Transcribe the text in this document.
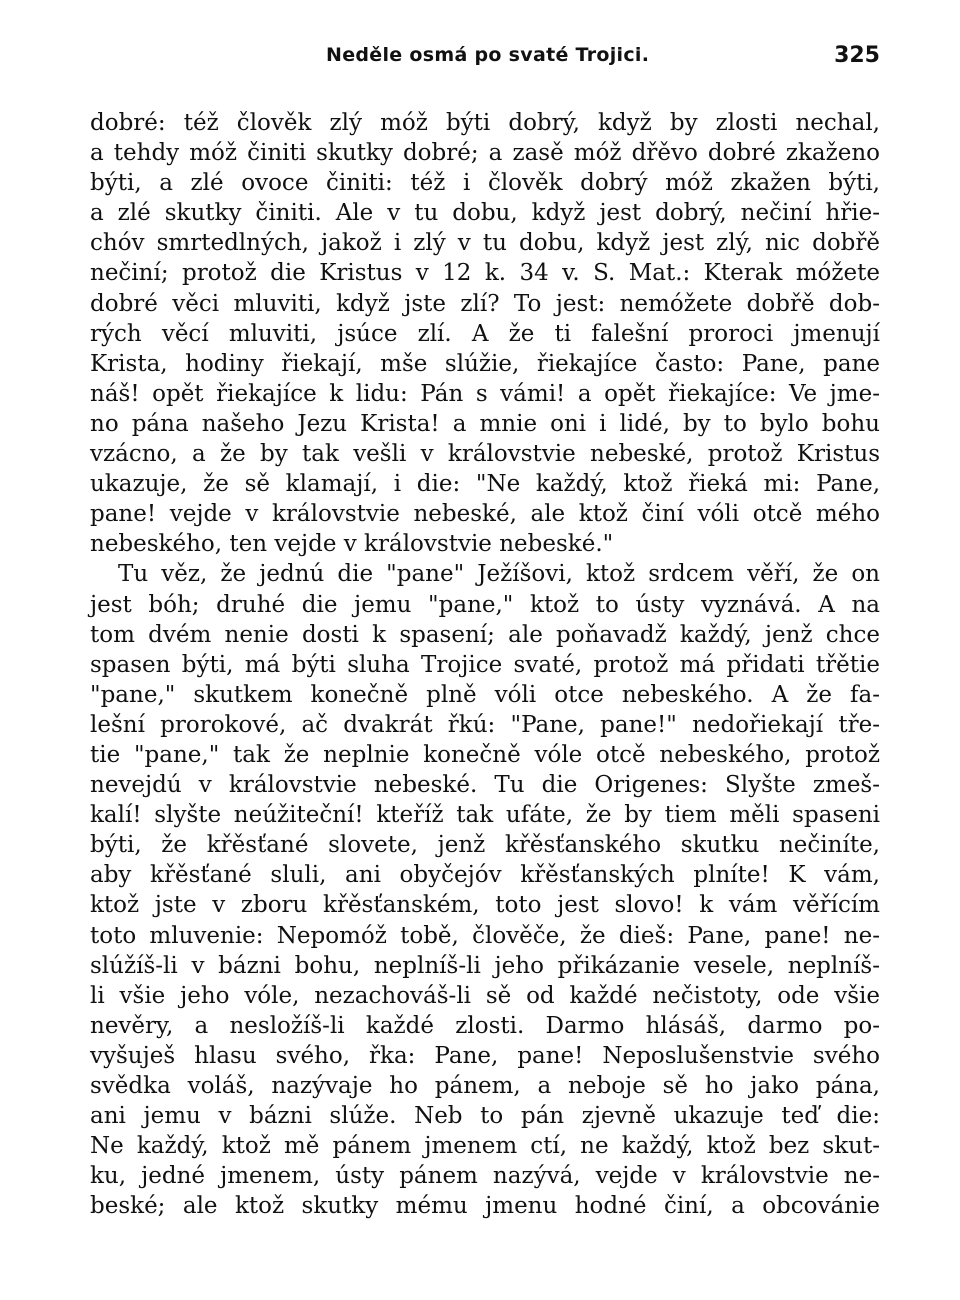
Neděle osmá po svaté Trojici.	325
dobré: též člověk zlý móž býti dobrý, když by zlosti nechal,
a tehdy móž činiti skutky dobré; a zasě móž dřěvo dobré zkaženo
býti, a zlé ovoce činiti: též i člověk dobrý móž zkažen býti,
a zlé skutky činiti. Ale v tu dobu, když jest dobrý, nečiní hřie-
chóv smrtedlných, jakož i zlý v tu dobu, když jest zlý, nic dobřě
nečiní; protož die Kristus v 12 k. 34 v. S. Mat.: Kterak móžete
dobré věci mluviti, když jste zlí? To jest: nemóžete dobřě dob-
rých věcí mluviti, jsúce zlí. A že ti falešní proroci jmenují
Krista, hodiny řiekají, mše slúžie, řiekajíce často: Pane, pane
náš! opět řiekajíce k lidu: Pán s vámi! a opět řiekajíce: Ve jme-
no pána našeho Jezu Krista! a mnie oni i lidé, by to bylo bohu
vzácno, a že by tak vešli v královstvie nebeské, protož Kristus
ukazuje, že sě klamají, i die: "Ne každý, ktož řieká mi: Pane,
pane! vejde v královstvie nebeské, ale ktož činí vóli otcě mého
nebeského, ten vejde v královstvie nebeské."
Tu věz, že jednú die "pane" Ježíšovi, ktož srdcem věří, že on
jest bóh; druhé die jemu "pane," ktož to ústy vyznává. A na
tom dvém nenie dosti k spasení; ale poňavadž každý, jenž chce
spasen býti, má býti sluha Trojice svaté, protož má přidati třětie
"pane," skutkem konečně plně vóli otce nebeského. A že fa-
lešní prorokové, ač dvakrát řkú: "Pane, pane!" nedořiekají tře-
tie "pane," tak že neplnie konečně vóle otcě nebeského, protož
nevejdú v královstvie nebeské. Tu die Origenes: Slyšte zmeš-
kalí! slyšte neúžiteční! kteříž tak ufáte, že by tiem měli spaseni
býti, že křěsťané slovete, jenž křěsťanského skutku nečiníte,
aby křěsťané sluli, ani obyčejóv křěsťanských plníte! K vám,
ktož jste v zboru křěsťanském, toto jest slovo! k vám věřícím
toto mluvenie: Nepomóž tobě, člověče, že dieš: Pane, pane! ne-
slúžíš-li v bázni bohu, neplníš-li jeho přikázanie vesele, neplníš-
li všie jeho vóle, nezachováš-li sě od každé nečistoty, ode všie
nevěry, a nesložíš-li každé zlosti. Darmo hlásáš, darmo po-
vyšuješ hlasu svého, řka: Pane, pane! Neposlušenstvie svého
svědka voláš, nazývaje ho pánem, a neboje sě ho jako pána,
ani jemu v bázni slúže. Neb to pán zjevně ukazuje teď die:
Ne každý, ktož mě pánem jmenem ctí, ne každý, ktož bez skut-
ku, jedné jmenem, ústy pánem nazývá, vejde v královstvie ne-
beské; ale ktož skutky mému jmenu hodné činí, a obcovánie
